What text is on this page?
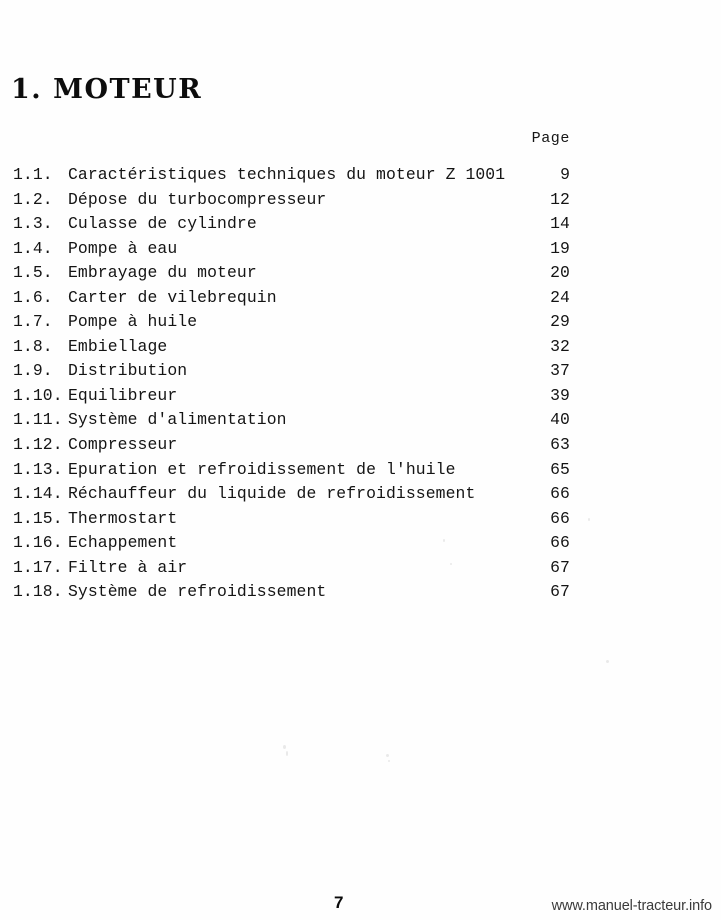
1. MOTEUR
Page
1.1. Caractéristiques techniques du moteur Z 1001	9
1.2. Dépose du turbocompresseur	12
1.3. Culasse de cylindre	14
1.4. Pompe à eau	19
1.5. Embrayage du moteur	20
1.6. Carter de vilebrequin	24
1.7. Pompe à huile	29
1.8. Embiellage	32
1.9. Distribution	37
1.10. Equilibreur	39
1.11. Système d'alimentation	40
1.12. Compresseur	63
1.13. Epuration et refroidissement de l'huile	65
1.14. Réchauffeur du liquide de refroidissement	66
1.15. Thermostart	66
1.16. Echappement	66
1.17. Filtre à air	67
1.18. Système de refroidissement	67
7	www.manuel-tracteur.info
